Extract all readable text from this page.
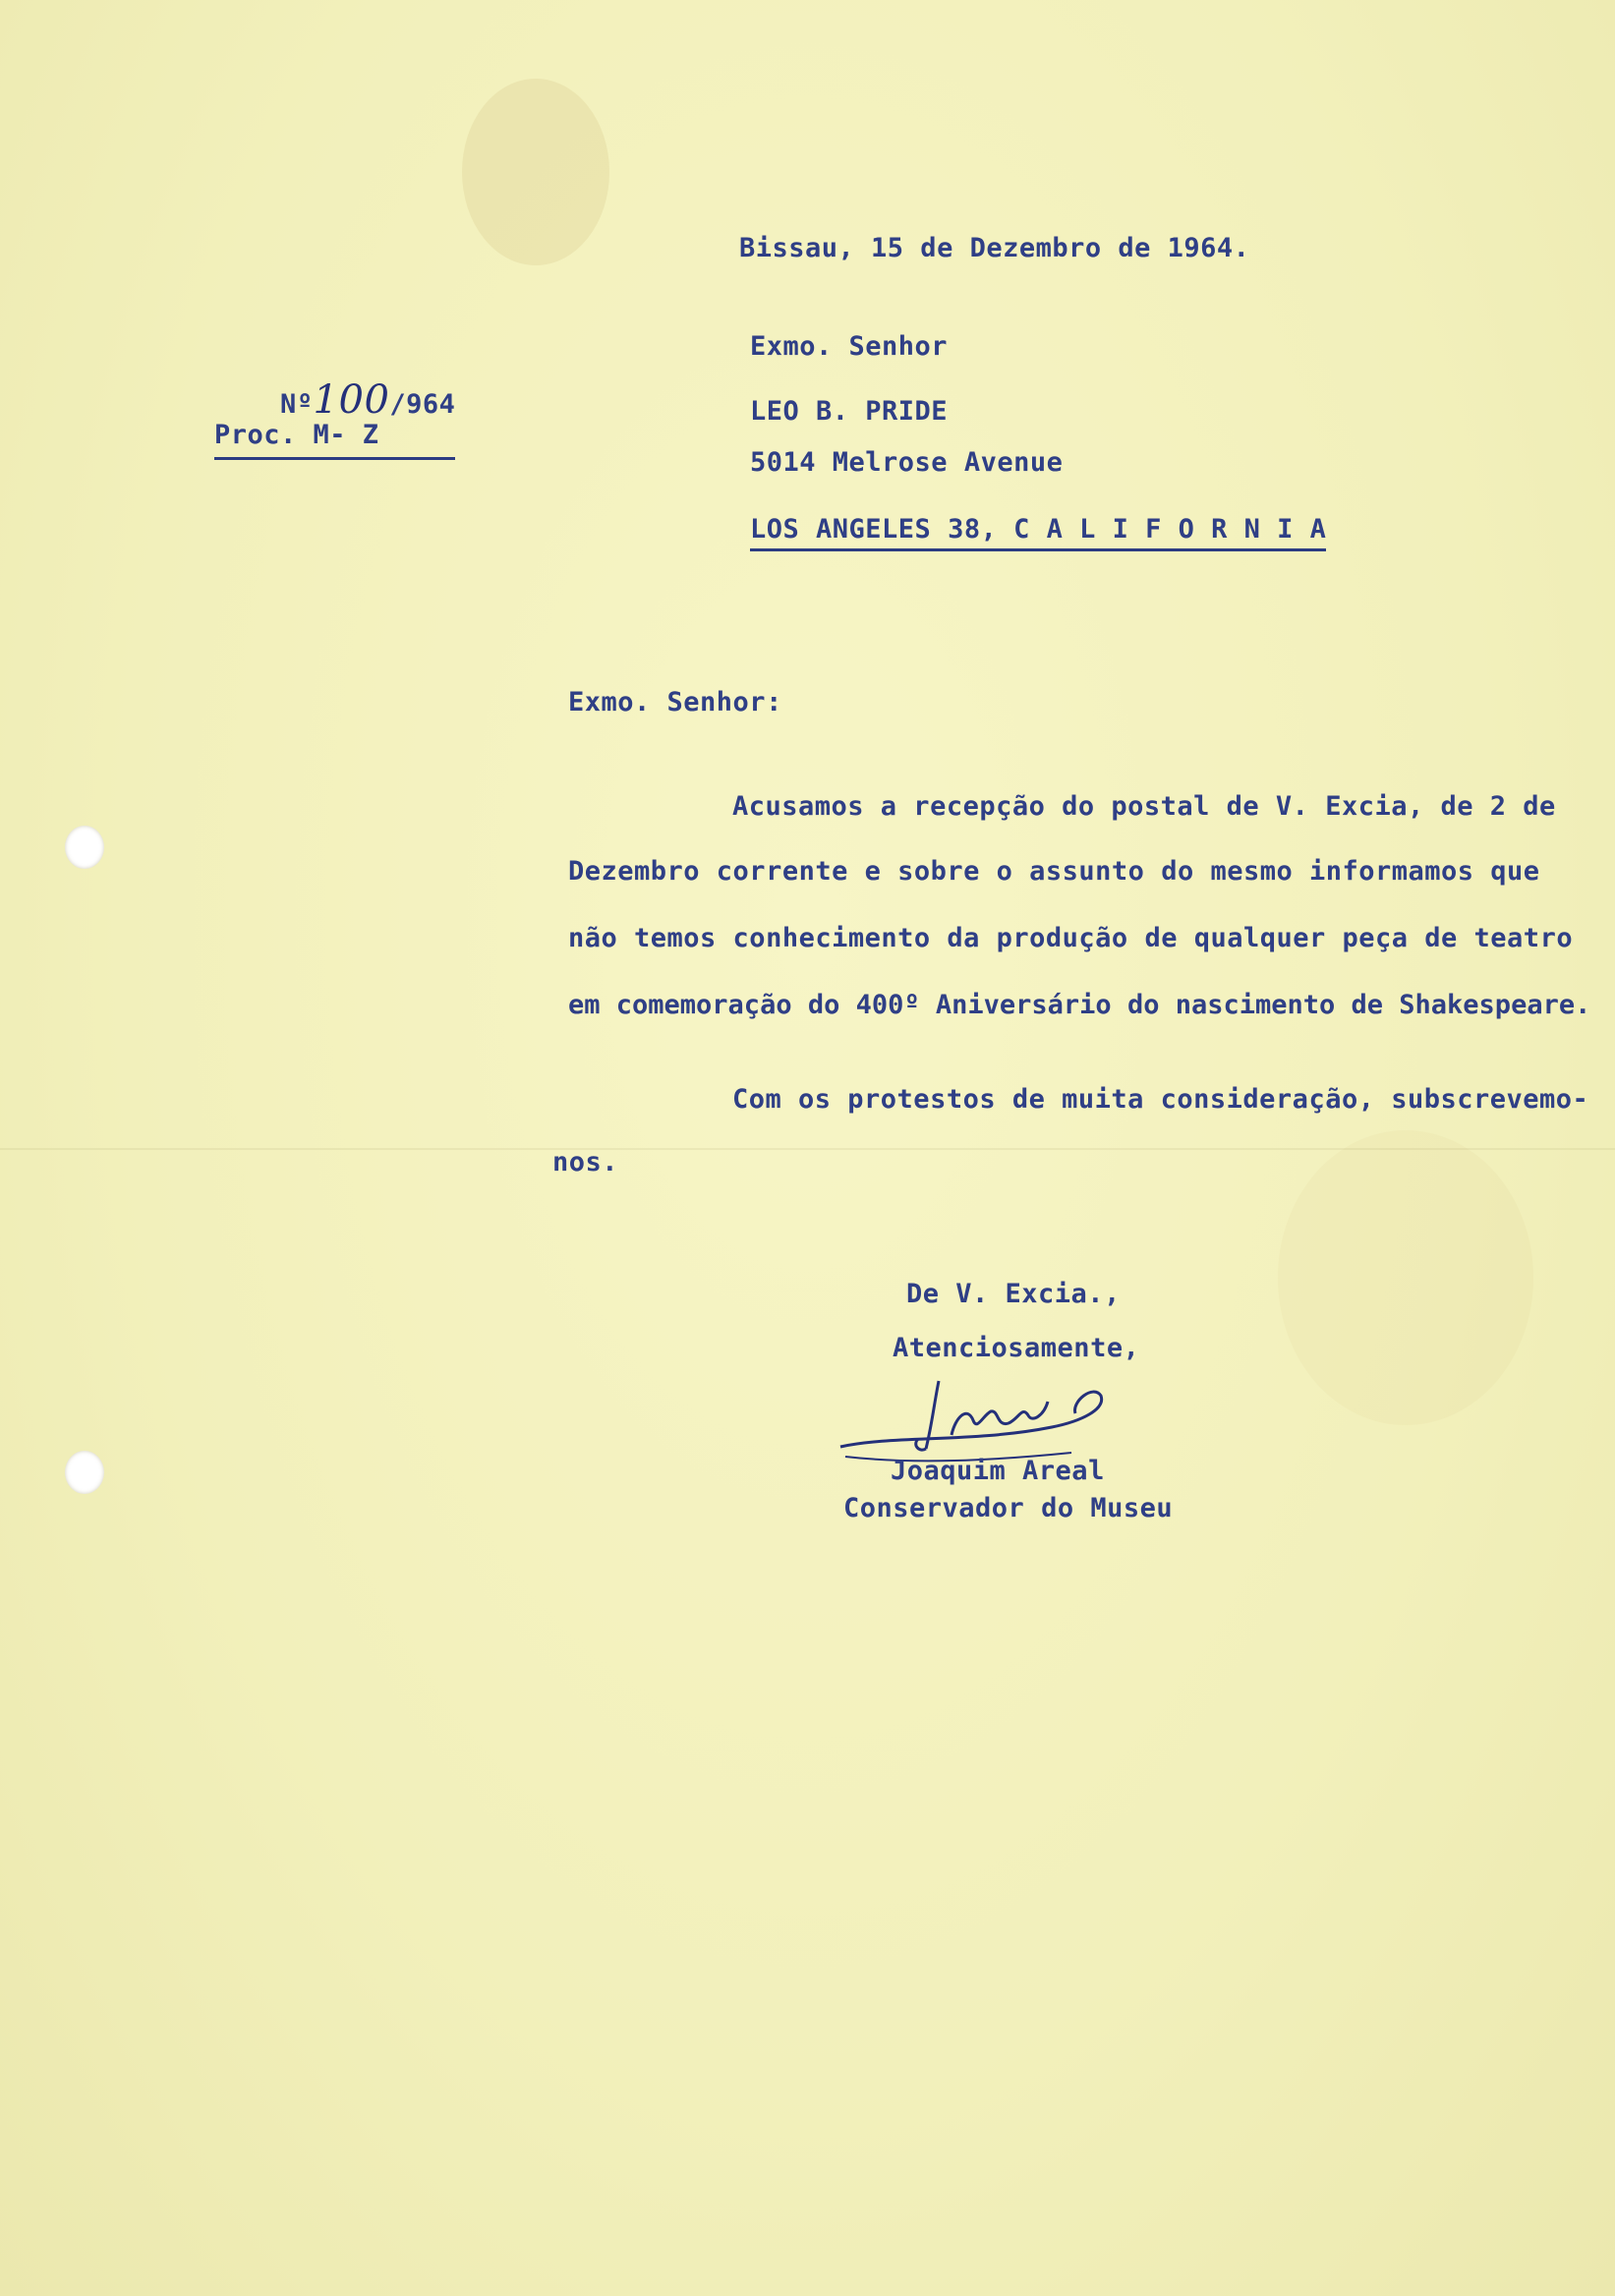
Bissau, 15 de Dezembro de 1964.

Nº100/964

Proc. M- Z
Exmo. Senhor
LEO B. PRIDE
5014 Melrose Avenue
LOS ANGELES 38, C A L I F O R N I A
Exmo. Senhor:
Acusamos a recepção do postal de V. Excia, de 2 de
Dezembro corrente e sobre o assunto do mesmo informamos que
não temos conhecimento da produção de qualquer peça de teatro
em comemoração do 400º Aniversário do nascimento de Shakespeare.
Com os protestos de muita consideração, subscrevemo-
nos.
De V. Excia.,
Atenciosamente,
Joaquim Areal
Conservador do Museu
